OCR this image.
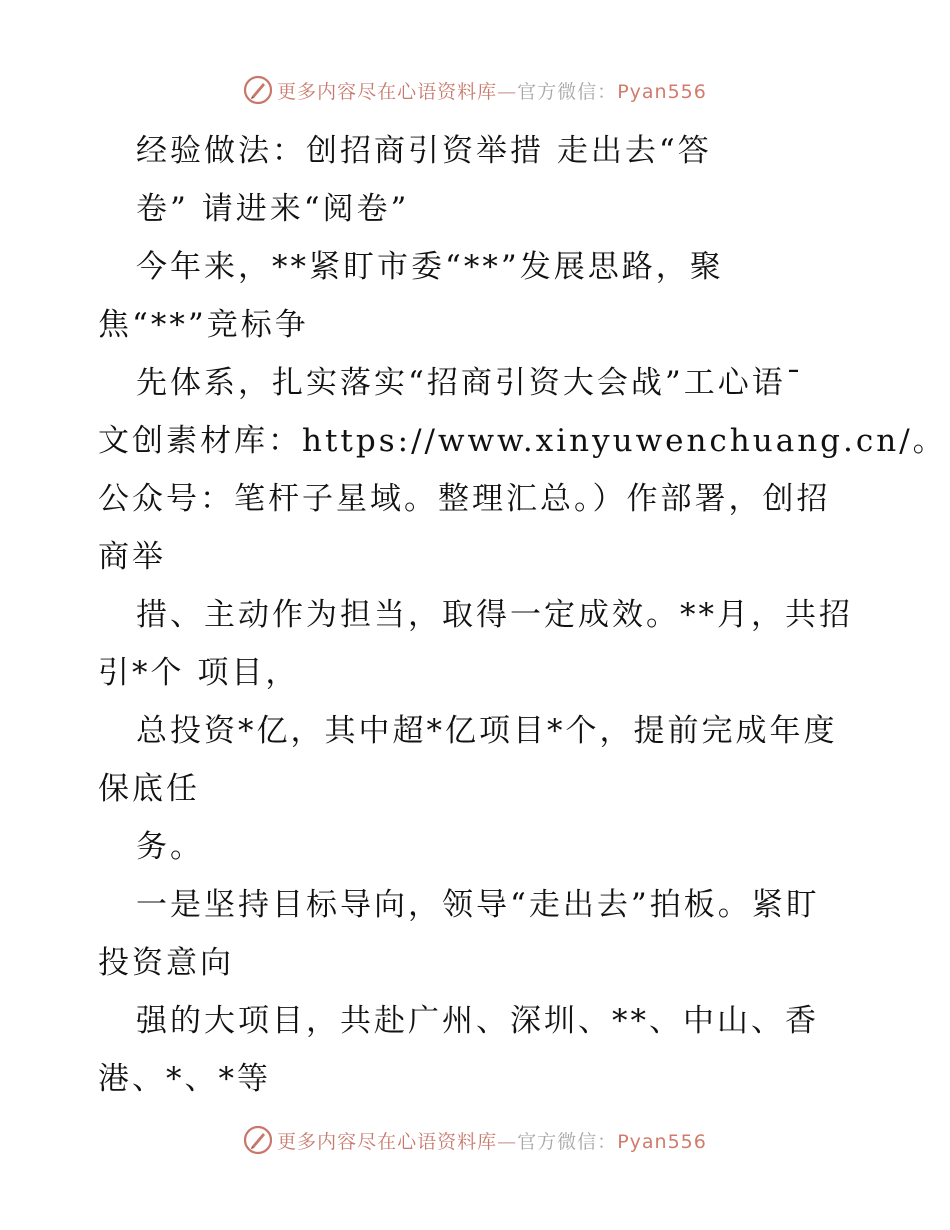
更多内容尽在心语资料库—官方微信：Pyan556
经验做法：创招商引资举措 走出去“答
卷” 请进来“阅卷”
今年来，**紧盯市委“**”发展思路，聚
焦“**”竞标争
先体系，扎实落实“招商引资大会战”工心语¯
文创素材库：https://www.xinyuwenchuang.cn/。
公众号：笔杆子星域。整理汇总。）作部署，创招
商举
措、主动作为担当，取得一定成效。**月，共招
引*个 项目，
总投资*亿，其中超*亿项目*个，提前完成年度
保底任
务。
一是坚持目标导向，领导“走出去”拍板。紧盯
投资意向
强的大项目，共赴广州、深圳、**、中山、香
港、*、*等
更多内容尽在心语资料库—官方微信：Pyan556
